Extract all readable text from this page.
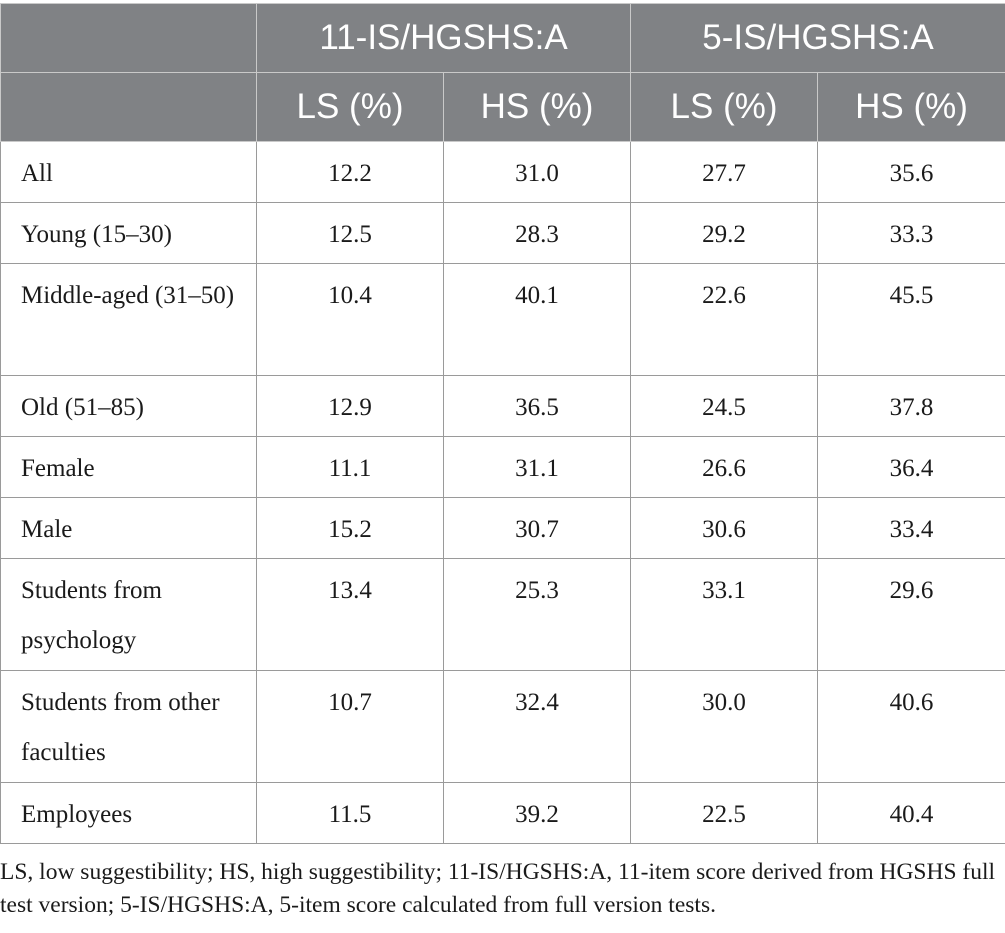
	11-IS/HGSHS:A		5-IS/HGSHS:A	
	LS (%)	HS (%)	LS (%)	HS (%)
All	12.2	31.0	27.7	35.6
Young (15–30)	12.5	28.3	29.2	33.3
Middle-aged (31–50)	10.4	40.1	22.6	45.5
Old (51–85)	12.9	36.5	24.5	37.8
Female	11.1	31.1	26.6	36.4
Male	15.2	30.7	30.6	33.4
Students from psychology	13.4	25.3	33.1	29.6
Students from other faculties	10.7	32.4	30.0	40.6
Employees	11.5	39.2	22.5	40.4
LS, low suggestibility; HS, high suggestibility; 11-IS/HGSHS:A, 11-item score derived from HGSHS full test version; 5-IS/HGSHS:A, 5-item score calculated from full version tests.
